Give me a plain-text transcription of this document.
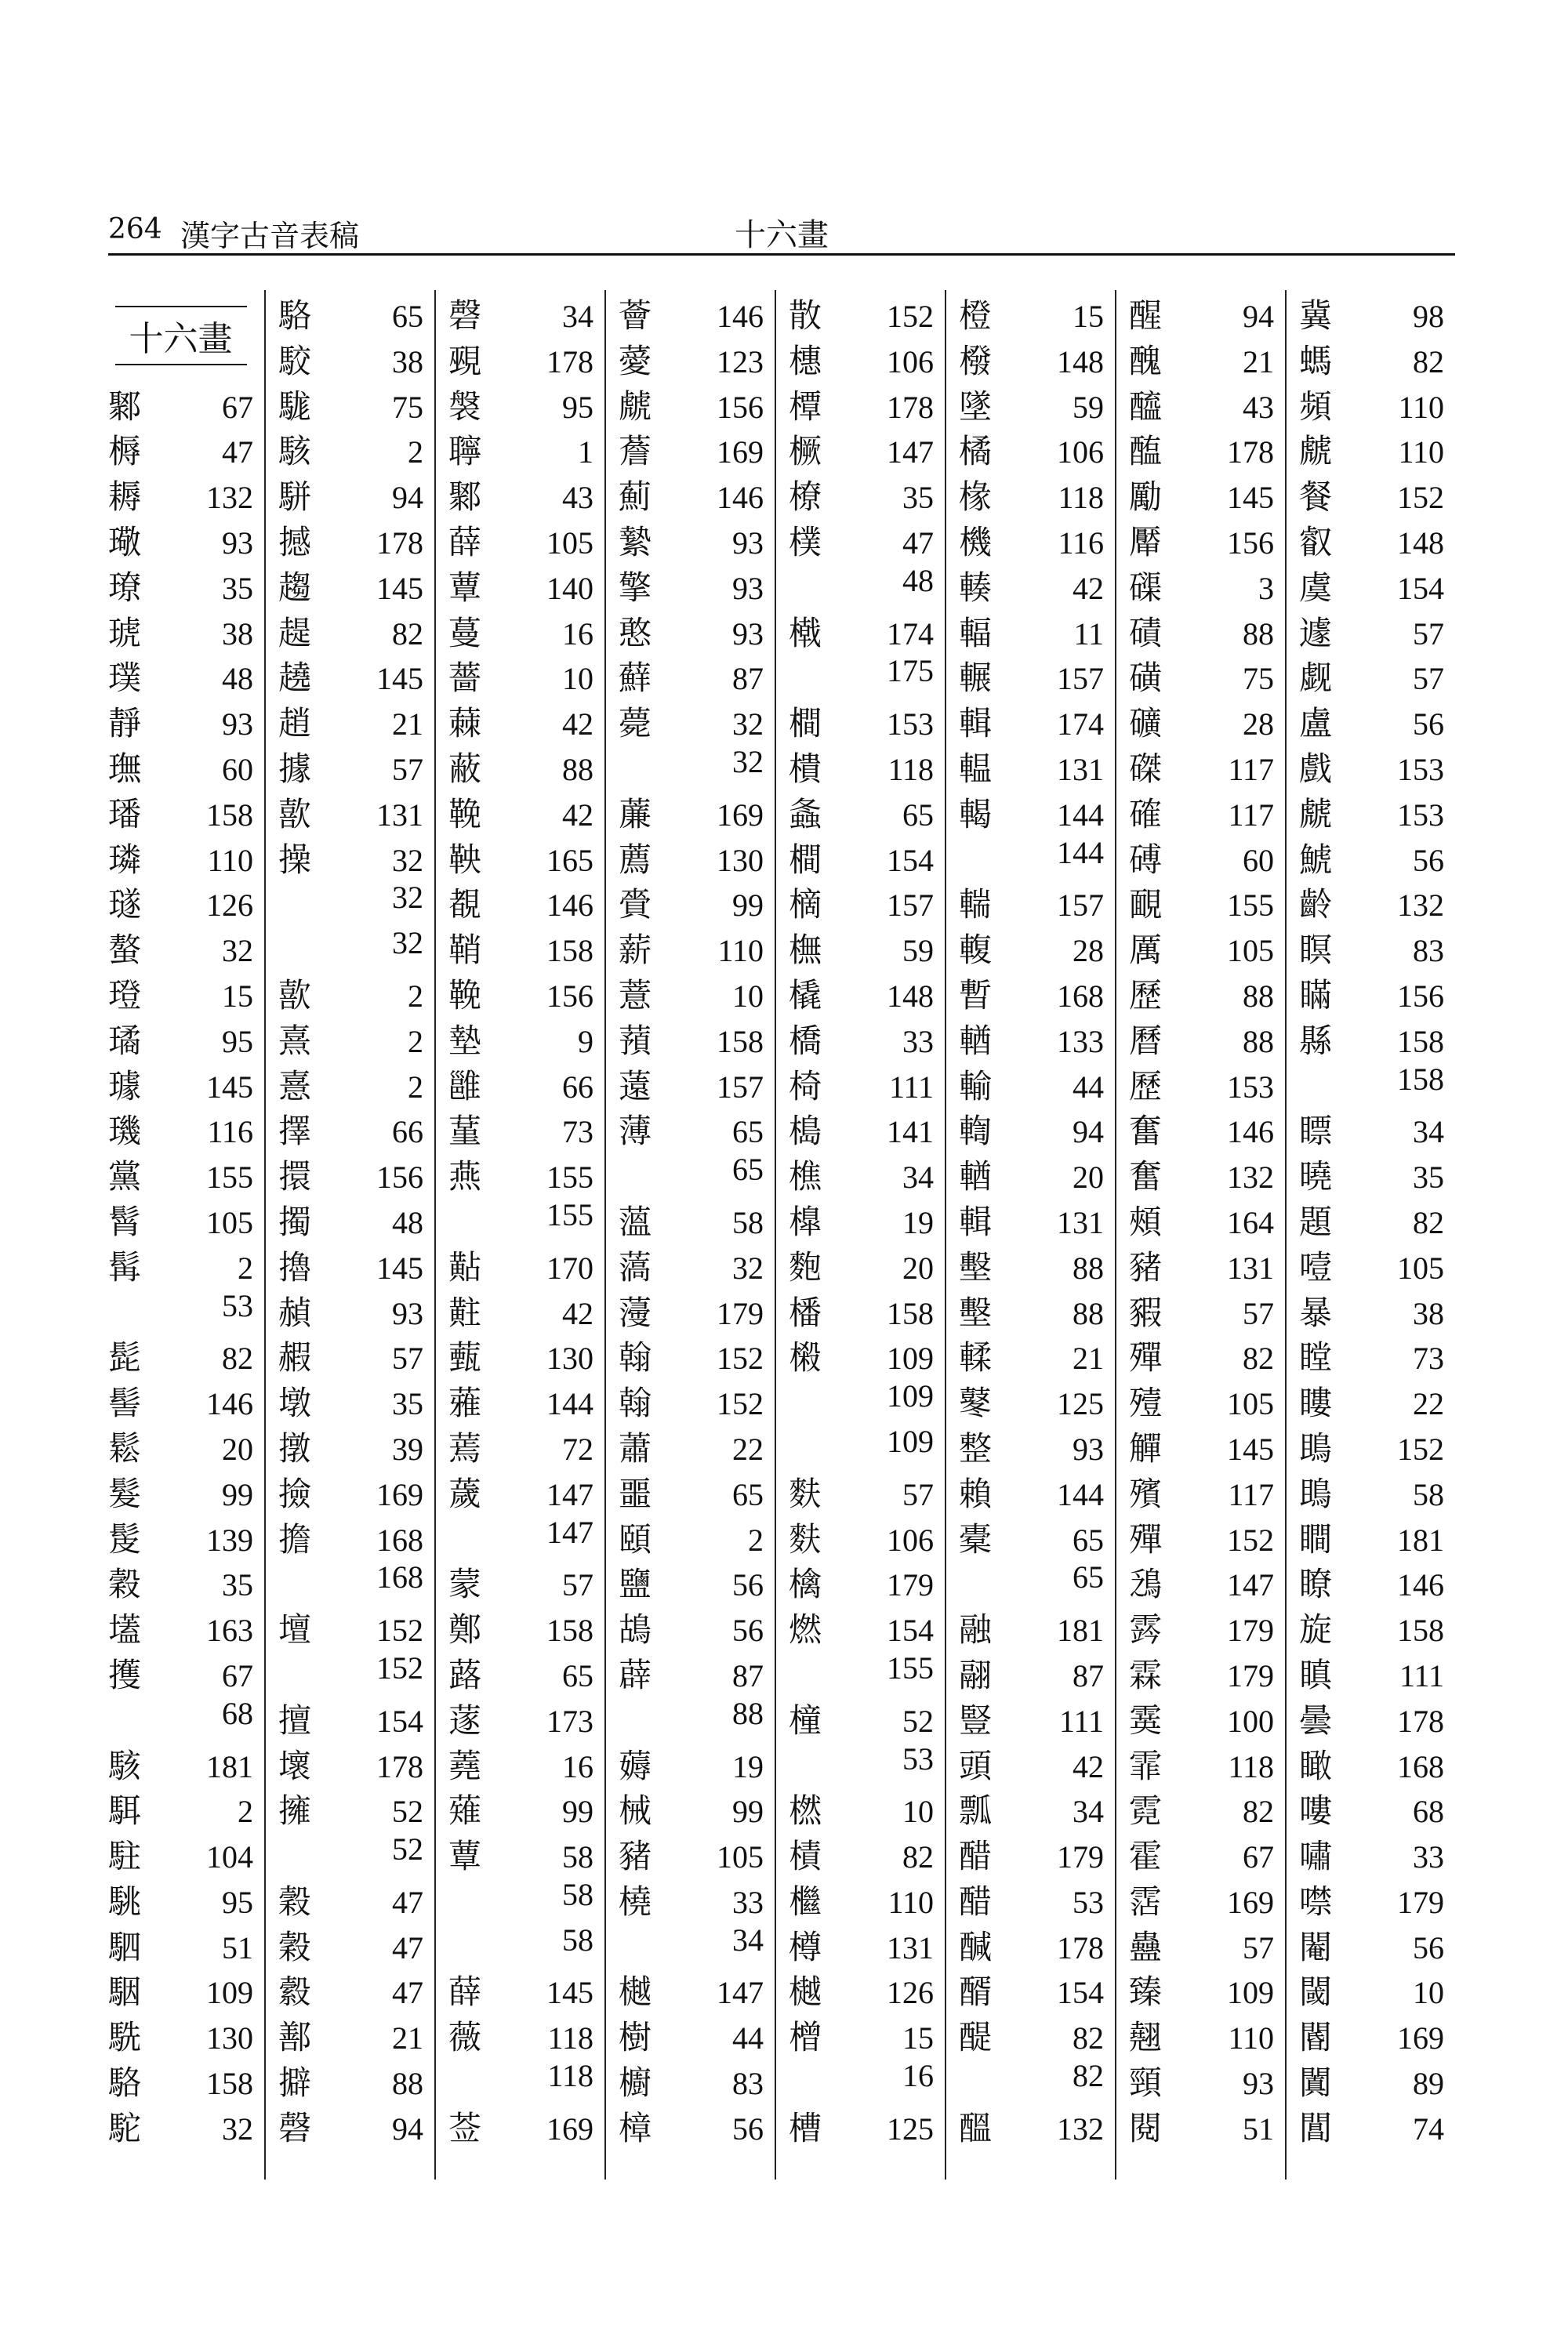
264 漢字古音表稿	十六畫
十六畫
鄹	67
槈	47
耨 132
璥	93
璙	35
琥	38
璞	48
靜	93
璑	60
璠 158
璘 110
璲 126
螯	32
璒	15
璚	95
璩 145
璣 116
黨 155
髾 105
髯	2
53
髭	82
髻 146
鬆	20
髮	99
髲 139
穀	35
壒 163
擭	67
68
駭 181
駬	2
駐 104
駣	95
駟	51
駰 109
駪 130
駱 158
駝	32
駱	65
駮	38
駹	75
駭	2
駢	94
撼 178
趨 145
趧	82
趬 145
趙	21
據	57
歖 131
操	32
32
32
歖	2
熹	2
憙	2
擇	66
擐 156
擉	48
擼 145
赬	93
赮	57
墩	35
撴	39
撿 169
擔 168
168
壇 152
152
擅 154
壞 178
擁	52
52
穀	47
穀	47
縠	47
鄯	21
擗	88
磬	94
磬	34
覡 178
褩	95
聹	1
鄹	43
薛 105
蕈 140
蔓	16
薔	10
蕀	42
蔽	88
鞔	42
鞅 165
覩 146
鞘 158
鞔 156
墊	9
雝	66
蓳	73
燕 155
155
黇 170
黈	42
薽 130
蕥 144
蔫	72
薉 147
147
蒙	57
鄭 158
蕗	65
蓫 173
蕘	16
薙	99
蕈	58
58
58
薛 145
薇 118
118
莶 169
薈 146
薆 123
虤 156
薝 169
薊 146
縶	93
擎	93
憨	93
蘚	87
薨	32
32
薕 169
薦 130
賫	99
薪 110
薏	10
蕷 158
薳 157
薄	65
65
薀	58
薃	32
薓 179
翰 152
翰 152
蕭	22
噩	65
頤	2
鹽	56
鴣	56
薜	87
88
薅	19
械	99
豬 105
橈	33
34
樾 147
樹	44
櫥	83
樟	56
散 152
橞 106
橝 178
橛 147
橑	35
樸	47
48
橶 174
175
橺 153
樻 118
螽	65
橺 154
樀 157
橅	59
橇 148
橋	33
椅 111
槝 141
樵	34
橰	19
麭	20
橎 158
樧 109
109
109
麩	57
麩 106
檎 179
燃 154
155
橦	52
53
橪	10
樍	82
檵 110
樽 131
樾 126
橧	15
16
槽 125
橙	15
橃 148
墜	59
橘 106
椽 118
機 116
輳	42
輻	11
輾 157
輯 174
輼 131
輵 144
144
輲 157
輹	28
暫 168
輶 133
輸	44
輷	94
輶	20
輯 131
墼	88
墼	88
輮	21
鼕 125
整	93
賴 144
橐	65
65
融 181
翮	87
豎 111
頭	42
瓢	34
醋 179
醋	53
醎 178
醑 154
醍	82
82
醞 132
醒	94
醜	21
醯	43
醢 178
勵 145
厴 156
磲	3
磧	88
磺	75
礦	28
磔 117
確 117
磗	60
靦 155
厲 105
歷	88
曆	88
歷 153
奮 146
奮 132
頰 164
豬 131
豭	57
殫	82
殪 105
觶 145
殯 117
殫 152
鴔 147
霠 179
霖 179
霙 100
霏 118
霓	82
霍	67
霑 169
蠱	57
臻 109
翹 110
頸	93
閱	51
冀	98
螞	82
頻 110
虤 110
餐 152
叡 148
虞 154
遽	57
觑	57
盧	56
戲 153
虤 153
鯱	56
齡 132
瞑	83
瞞 156
縣 158
158
瞟	34
曉	35
題	82
噎 105
暴	38
瞠	73
瞜	22
鴡 152
鴡	58
瞷 181
瞭 146
旋 158
瞋 111
曇 178
瞰 168
嘍	68
嘯	33
噤 179
閹	56
閾	10
閽 169
闐	89
閶	74
